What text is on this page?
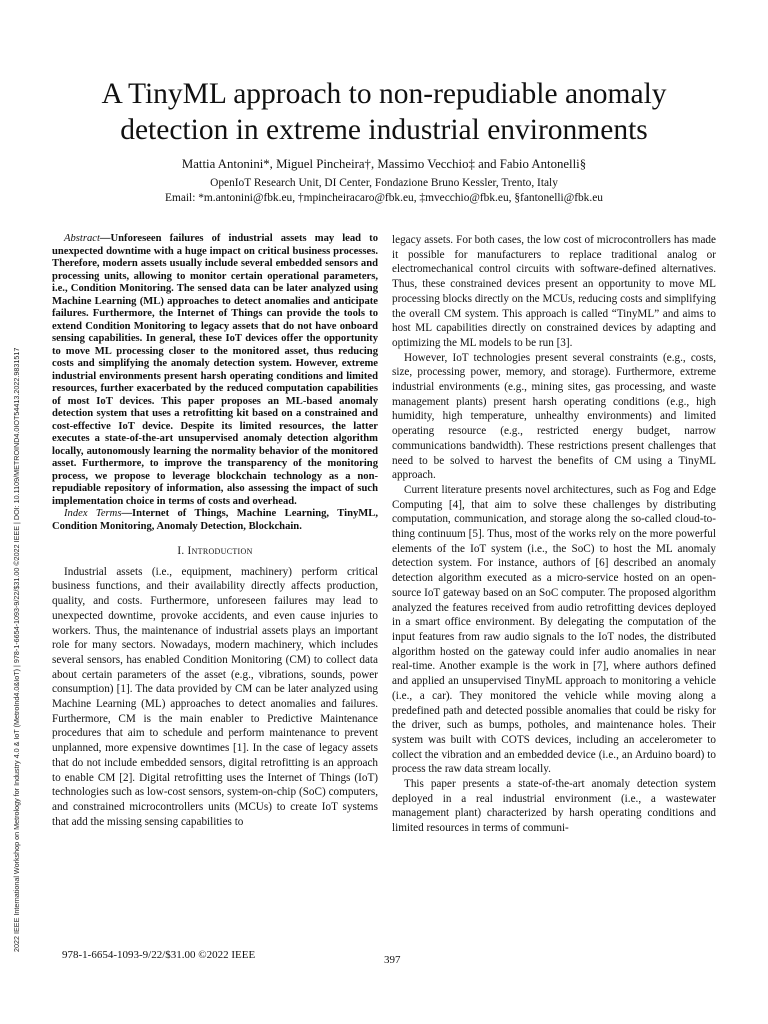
A TinyML approach to non-repudiable anomaly
detection in extreme industrial environments
Mattia Antonini*, Miguel Pincheira†, Massimo Vecchio‡ and Fabio Antonelli§
OpenIoT Research Unit, DI Center, Fondazione Bruno Kessler, Trento, Italy
Email: *m.antonini@fbk.eu, †mpincheiracaro@fbk.eu, ‡mvecchio@fbk.eu, §fantonelli@fbk.eu
2022 IEEE International Workshop on Metrology for Industry 4.0 & IoT (MetroInd4.0&IoT) | 978-1-6654-1093-9/22/$31.00 ©2022 IEEE | DOI: 10.1109/METROIND4.0IOT54413.2022.9831517

Abstract—Unforeseen failures of industrial assets may lead to unexpected downtime with a huge impact on critical business processes. Therefore, modern assets usually include several embedded sensors and processing units, allowing to monitor certain operational parameters, i.e., Condition Monitoring. The sensed data can be later analyzed using Machine Learning (ML) approaches to detect anomalies and anticipate failures. Furthermore, the Internet of Things can provide the tools to extend Condition Monitoring to legacy assets that do not have onboard sensing capabilities. In general, these IoT devices offer the opportunity to move ML processing closer to the monitored asset, thus reducing costs and simplifying the anomaly detection system. However, extreme industrial environments present harsh operating conditions and limited resources, further exacerbated by the reduced computation capabilities of most IoT devices. This paper proposes an ML-based anomaly detection system that uses a retrofitting kit based on a constrained and cost-effective IoT device. Despite its limited resources, the latter executes a state-of-the-art unsupervised anomaly detection algorithm locally, autonomously learning the normality behavior of the monitored asset. Furthermore, to improve the transparency of the monitoring process, we propose to leverage blockchain technology as a non-repudiable repository of information, also assessing the impact of such implementation choice in terms of costs and overhead.

Index Terms—Internet of Things, Machine Learning, TinyML, Condition Monitoring, Anomaly Detection, Blockchain.

I. Introduction

Industrial assets (i.e., equipment, machinery) perform critical business functions, and their availability directly affects production, quality, and costs. Furthermore, unforeseen failures may lead to unexpected downtime, provoke accidents, and even cause injuries to workers. Thus, the maintenance of industrial assets plays an important role for many sectors. Nowadays, modern machinery, which includes several sensors, has enabled Condition Monitoring (CM) to collect data about certain parameters of the asset (e.g., vibrations, sounds, power consumption) [1]. The data provided by CM can be later analyzed using Machine Learning (ML) approaches to detect anomalies and failures. Furthermore, CM is the main enabler to Predictive Maintenance procedures that aim to schedule and perform maintenance to prevent unplanned, more expensive downtimes [1]. In the case of legacy assets that do not include embedded sensors, digital retrofitting is an approach to enable CM [2]. Digital retrofitting uses the Internet of Things (IoT) technologies such as low-cost sensors, system-on-chip (SoC) computers, and constrained microcontrollers units (MCUs) to create IoT systems that add the missing sensing capabilities to

legacy assets. For both cases, the low cost of microcontrollers has made it possible for manufacturers to replace traditional analog or electromechanical control circuits with software-defined alternatives. Thus, these constrained devices present an opportunity to move ML processing blocks directly on the MCUs, reducing costs and simplifying the overall CM system. This approach is called “TinyML” and aims to host ML capabilities directly on constrained devices by adapting and optimizing the ML models to be run [3].

However, IoT technologies present several constraints (e.g., costs, size, processing power, memory, and storage). Furthermore, extreme industrial environments (e.g., mining sites, gas processing, and waste management plants) present harsh operating conditions (e.g., high humidity, high temperature, unhealthy environments) and limited operating resource (e.g., restricted energy budget, narrow communications bandwidth). These restrictions present challenges that need to be solved to harvest the benefits of CM using a TinyML approach.

Current literature presents novel architectures, such as Fog and Edge Computing [4], that aim to solve these challenges by distributing computation, communication, and storage along the so-called cloud-to-thing continuum [5]. Thus, most of the works rely on the more powerful elements of the IoT system (i.e., the SoC) to host the ML anomaly detection system. For instance, authors of [6] described an anomaly detection algorithm executed as a micro-service hosted on an open-source IoT gateway based on an SoC computer. The proposed algorithm analyzed the features received from audio retrofitting devices deployed in a smart office environment. By delegating the computation of the input features from raw audio signals to the IoT nodes, the distributed algorithm hosted on the gateway could infer audio anomalies in near real-time. Another example is the work in [7], where authors defined and applied an unsupervised TinyML approach to monitoring a vehicle (i.e., a car). They monitored the vehicle while moving along a predefined path and detected possible anomalies that could be risky for the driver, such as bumps, potholes, and maintenance holes. Their system was built with COTS devices, including an accelerometer to collect the vibration and an embedded device (i.e., an Arduino board) to process the raw data stream locally.

This paper presents a state-of-the-art anomaly detection system deployed in a real industrial environment (i.e., a wastewater management plant) characterized by harsh operating conditions and limited resources in terms of communi-

978-1-6654-1093-9/22/$31.00 ©2022 IEEE	397
